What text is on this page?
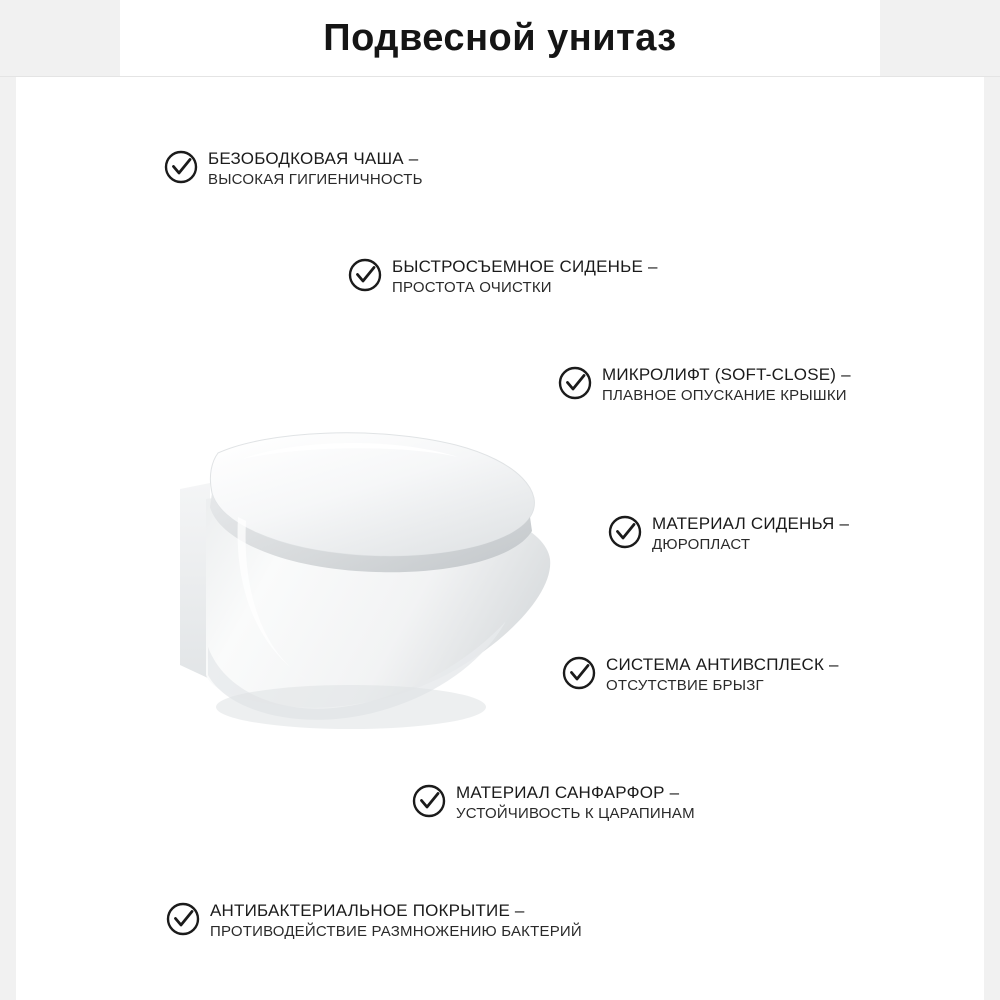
Подвесной унитаз
БЕЗОБОДКОВАЯ ЧАША –
ВЫСОКАЯ ГИГИЕНИЧНОСТЬ
БЫСТРОСЪЕМНОЕ СИДЕНЬЕ –
ПРОСТОТА ОЧИСТКИ
МИКРОЛИФТ (SOFT-CLOSE) –
ПЛАВНОЕ ОПУСКАНИЕ КРЫШКИ
МАТЕРИАЛ СИДЕНЬЯ –
ДЮРОПЛАСТ
СИСТЕМА АНТИВСПЛЕСК –
ОТСУТСТВИЕ БРЫЗГ
МАТЕРИАЛ САНФАРФОР –
УСТОЙЧИВОСТЬ К ЦАРАПИНАМ
АНТИБАКТЕРИАЛЬНОЕ ПОКРЫТИЕ –
ПРОТИВОДЕЙСТВИЕ РАЗМНОЖЕНИЮ БАКТЕРИЙ
